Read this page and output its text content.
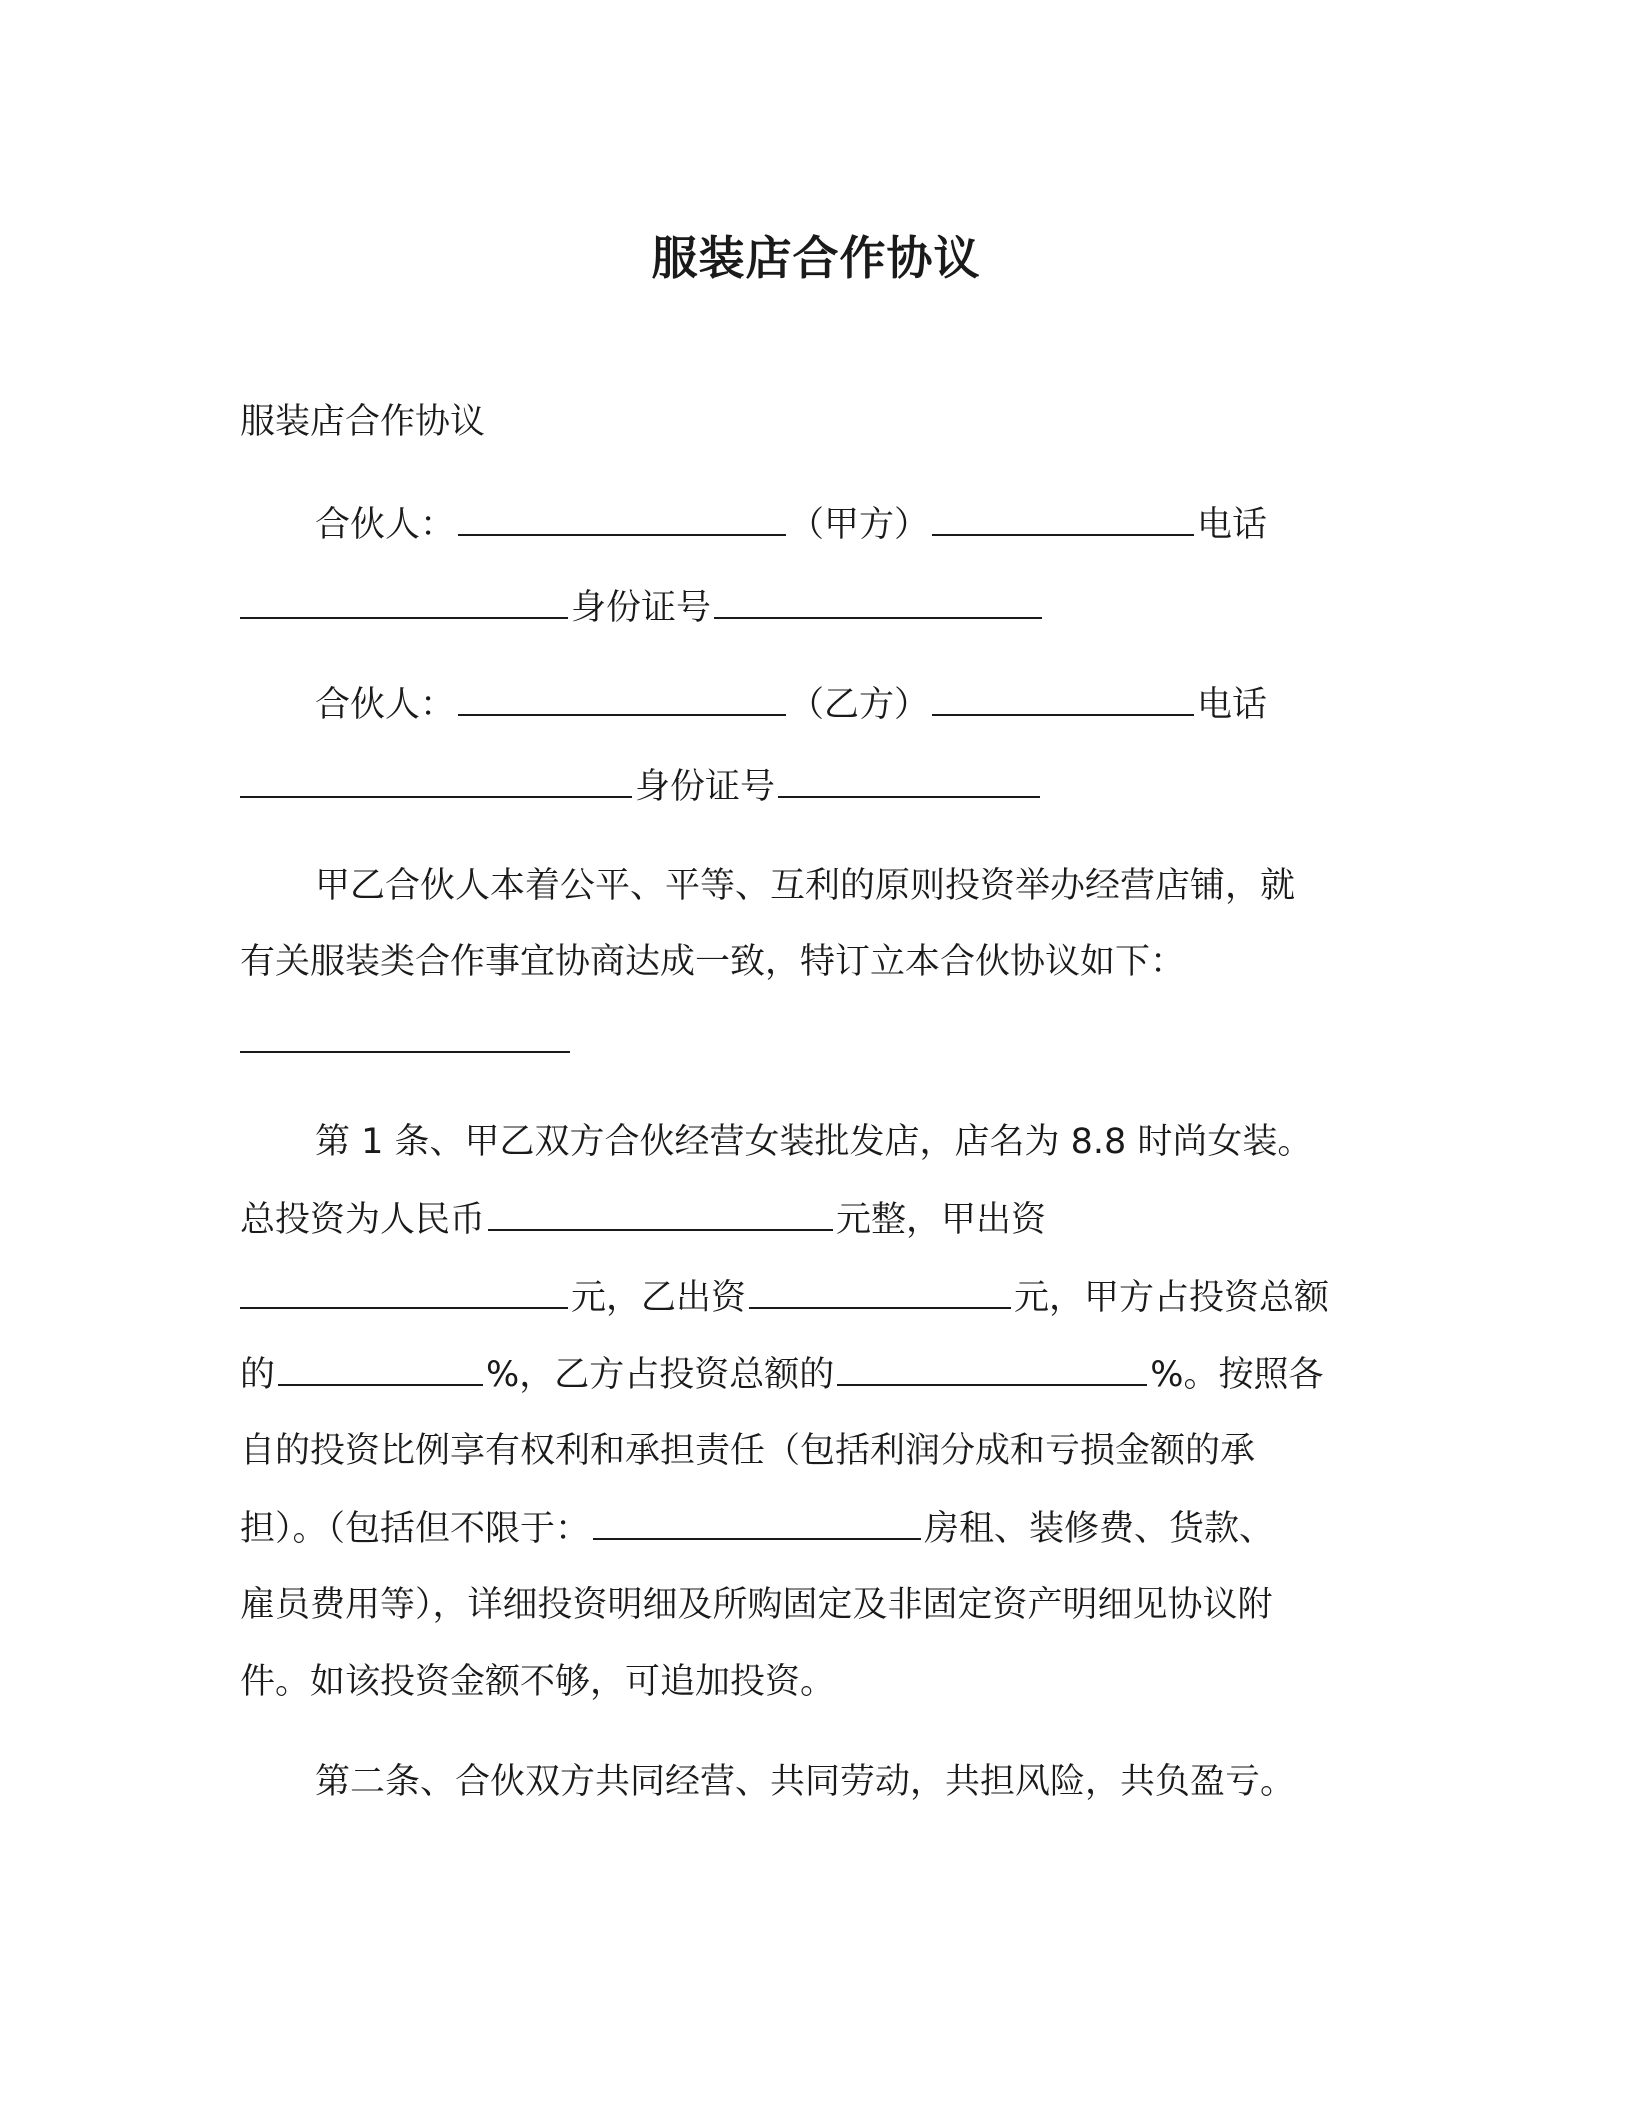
服装店合作协议

服装店合作协议

合伙人：	（甲方）	电话

身份证号

合伙人：	（乙方）	电话

身份证号

甲乙合伙人本着公平、平等、互利的原则投资举办经营店铺，就

有关服装类合作事宜协商达成一致，特订立本合伙协议如下：

第 1 条、甲乙双方合伙经营女装批发店，店名为 8.8 时尚女装。

总投资为人民币	元整，甲出资

元，乙出资	元，甲方占投资总额

的	%，乙方占投资总额的	%。按照各

自的投资比例享有权利和承担责任（包括利润分成和亏损金额的承

担）。（包括但不限于：	房租、装修费、货款、

雇员费用等），详细投资明细及所购固定及非固定资产明细见协议附

件。如该投资金额不够，可追加投资。

第二条、合伙双方共同经营、共同劳动，共担风险，共负盈亏。
